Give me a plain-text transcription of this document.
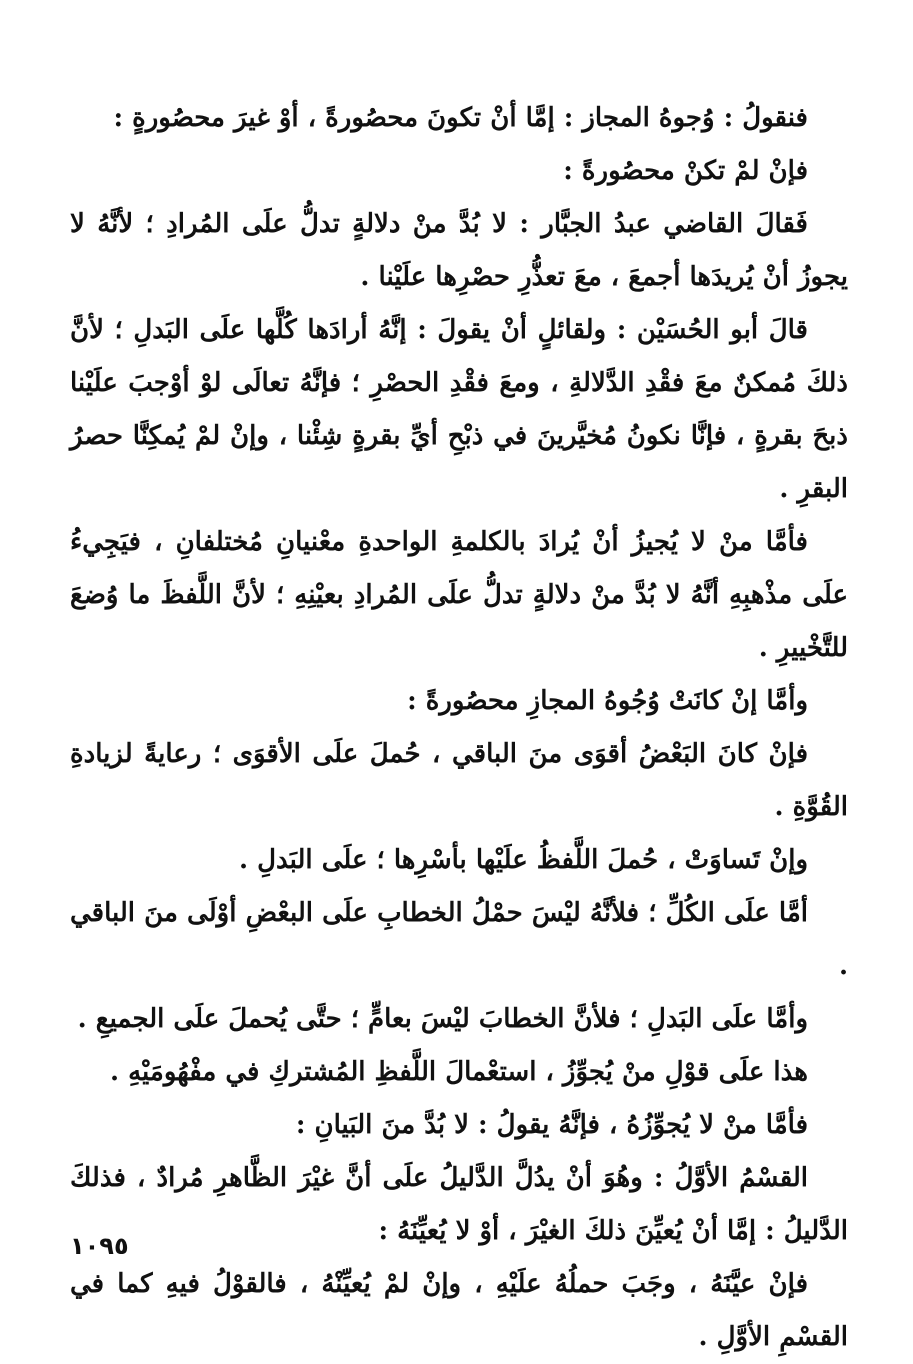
فنقولُ : وُجوهُ المجاز : إمَّا أنْ تكونَ محصُورةً ، أوْ غيرَ محصُورةٍ :

فإنْ لمْ تكنْ محصُورةً :

فَقالَ القاضي عبدُ الجبَّار : لا بُدَّ منْ دلالةٍ تدلُّ علَى المُرادِ ؛ لأنَّهُ لا يجوزُ أنْ يُريدَها أجمعَ ، معَ تعذُّرِ حصْرِها علَيْنا .

قالَ أبو الحُسَيْن : ولقائلٍ أنْ يقولَ : إنَّهُ أرادَها كُلَّها علَى البَدلِ ؛ لأنَّ ذلكَ مُمكنٌ معَ فقْدِ الدَّلالةِ ، ومعَ فقْدِ الحصْرِ ؛ فإنَّهُ تعالَى لوْ أوْجبَ علَيْنا ذبحَ بقرةٍ ، فإنَّا نكونُ مُخيَّرينَ في ذبْحِ أيِّ بقرةٍ شِئْنا ، وإنْ لمْ يُمكِنَّا حصرُ البقرِ .

فأمَّا منْ لا يُجيزُ أنْ يُرادَ بالكلمةِ الواحدةِ معْنيانِ مُختلفانِ ، فيَجِيءُ علَى مذْهبِهِ أنَّهُ لا بُدَّ منْ دلالةٍ تدلُّ علَى المُرادِ بعيْنِهِ ؛ لأنَّ اللَّفظَ ما وُضعَ للتَّخْييرِ .

وأمَّا إنْ كانَتْ وُجُوهُ المجازِ محصُورةً :

فإنْ كانَ البَعْضُ أقوَى منَ الباقي ، حُملَ علَى الأقوَى ؛ رعايةً لزيادةِ القُوَّةِ .

وإنْ تَساوَتْ ، حُملَ اللَّفظُ علَيْها بأسْرِها ؛ علَى البَدلِ .

أمَّا علَى الكُلِّ ؛ فلأنَّهُ ليْسَ حمْلُ الخطابِ علَى البعْضِ أوْلَى منَ الباقي .

وأمَّا علَى البَدلِ ؛ فلأنَّ الخطابَ ليْسَ بعامٍّ ؛ حتَّى يُحملَ علَى الجميعِ .

هذا علَى قوْلِ منْ يُجوِّزُ ، استعْمالَ اللَّفظِ المُشتركِ في مفْهُومَيْهِ .

فأمَّا منْ لا يُجوِّزُهُ ، فإنَّهُ يقولُ : لا بُدَّ منَ البَيانِ :

القسْمُ الأوَّلُ : وهُوَ أنْ يدُلَّ الدَّليلُ علَى أنَّ غيْرَ الظَّاهرِ مُرادٌ ، فذلكَ الدَّليلُ : إمَّا أنْ يُعيِّنَ ذلكَ الغيْرَ ، أوْ لا يُعيِّنَهُ :

فإنْ عيَّنَهُ ، وجَبَ حملُهُ علَيْهِ ، وإنْ لمْ يُعيِّنْهُ ، فالقوْلُ فيهِ كما في القسْمِ الأوَّلِ .

١٠٩٥
